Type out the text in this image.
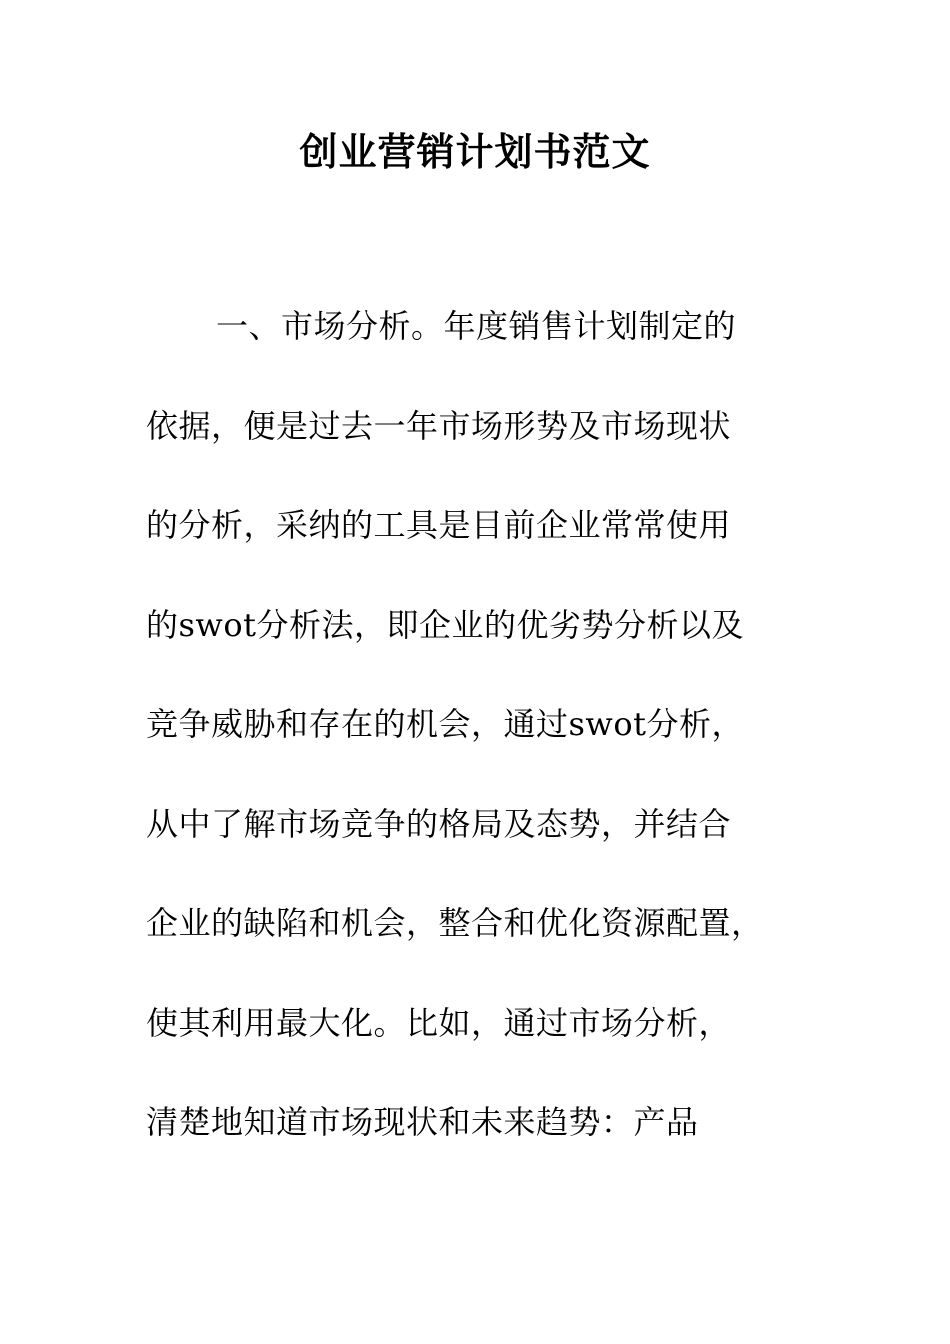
创业营销计划书范文
一、市场分析。年度销售计划制定的
依据，便是过去一年市场形势及市场现状
的分析，采纳的工具是目前企业常常使用
的swot分析法，即企业的优劣势分析以及
竞争威胁和存在的机会，通过swot分析，
从中了解市场竞争的格局及态势，并结合
企业的缺陷和机会，整合和优化资源配置，
使其利用最大化。比如，通过市场分析，
清楚地知道市场现状和未来趋势：产品
